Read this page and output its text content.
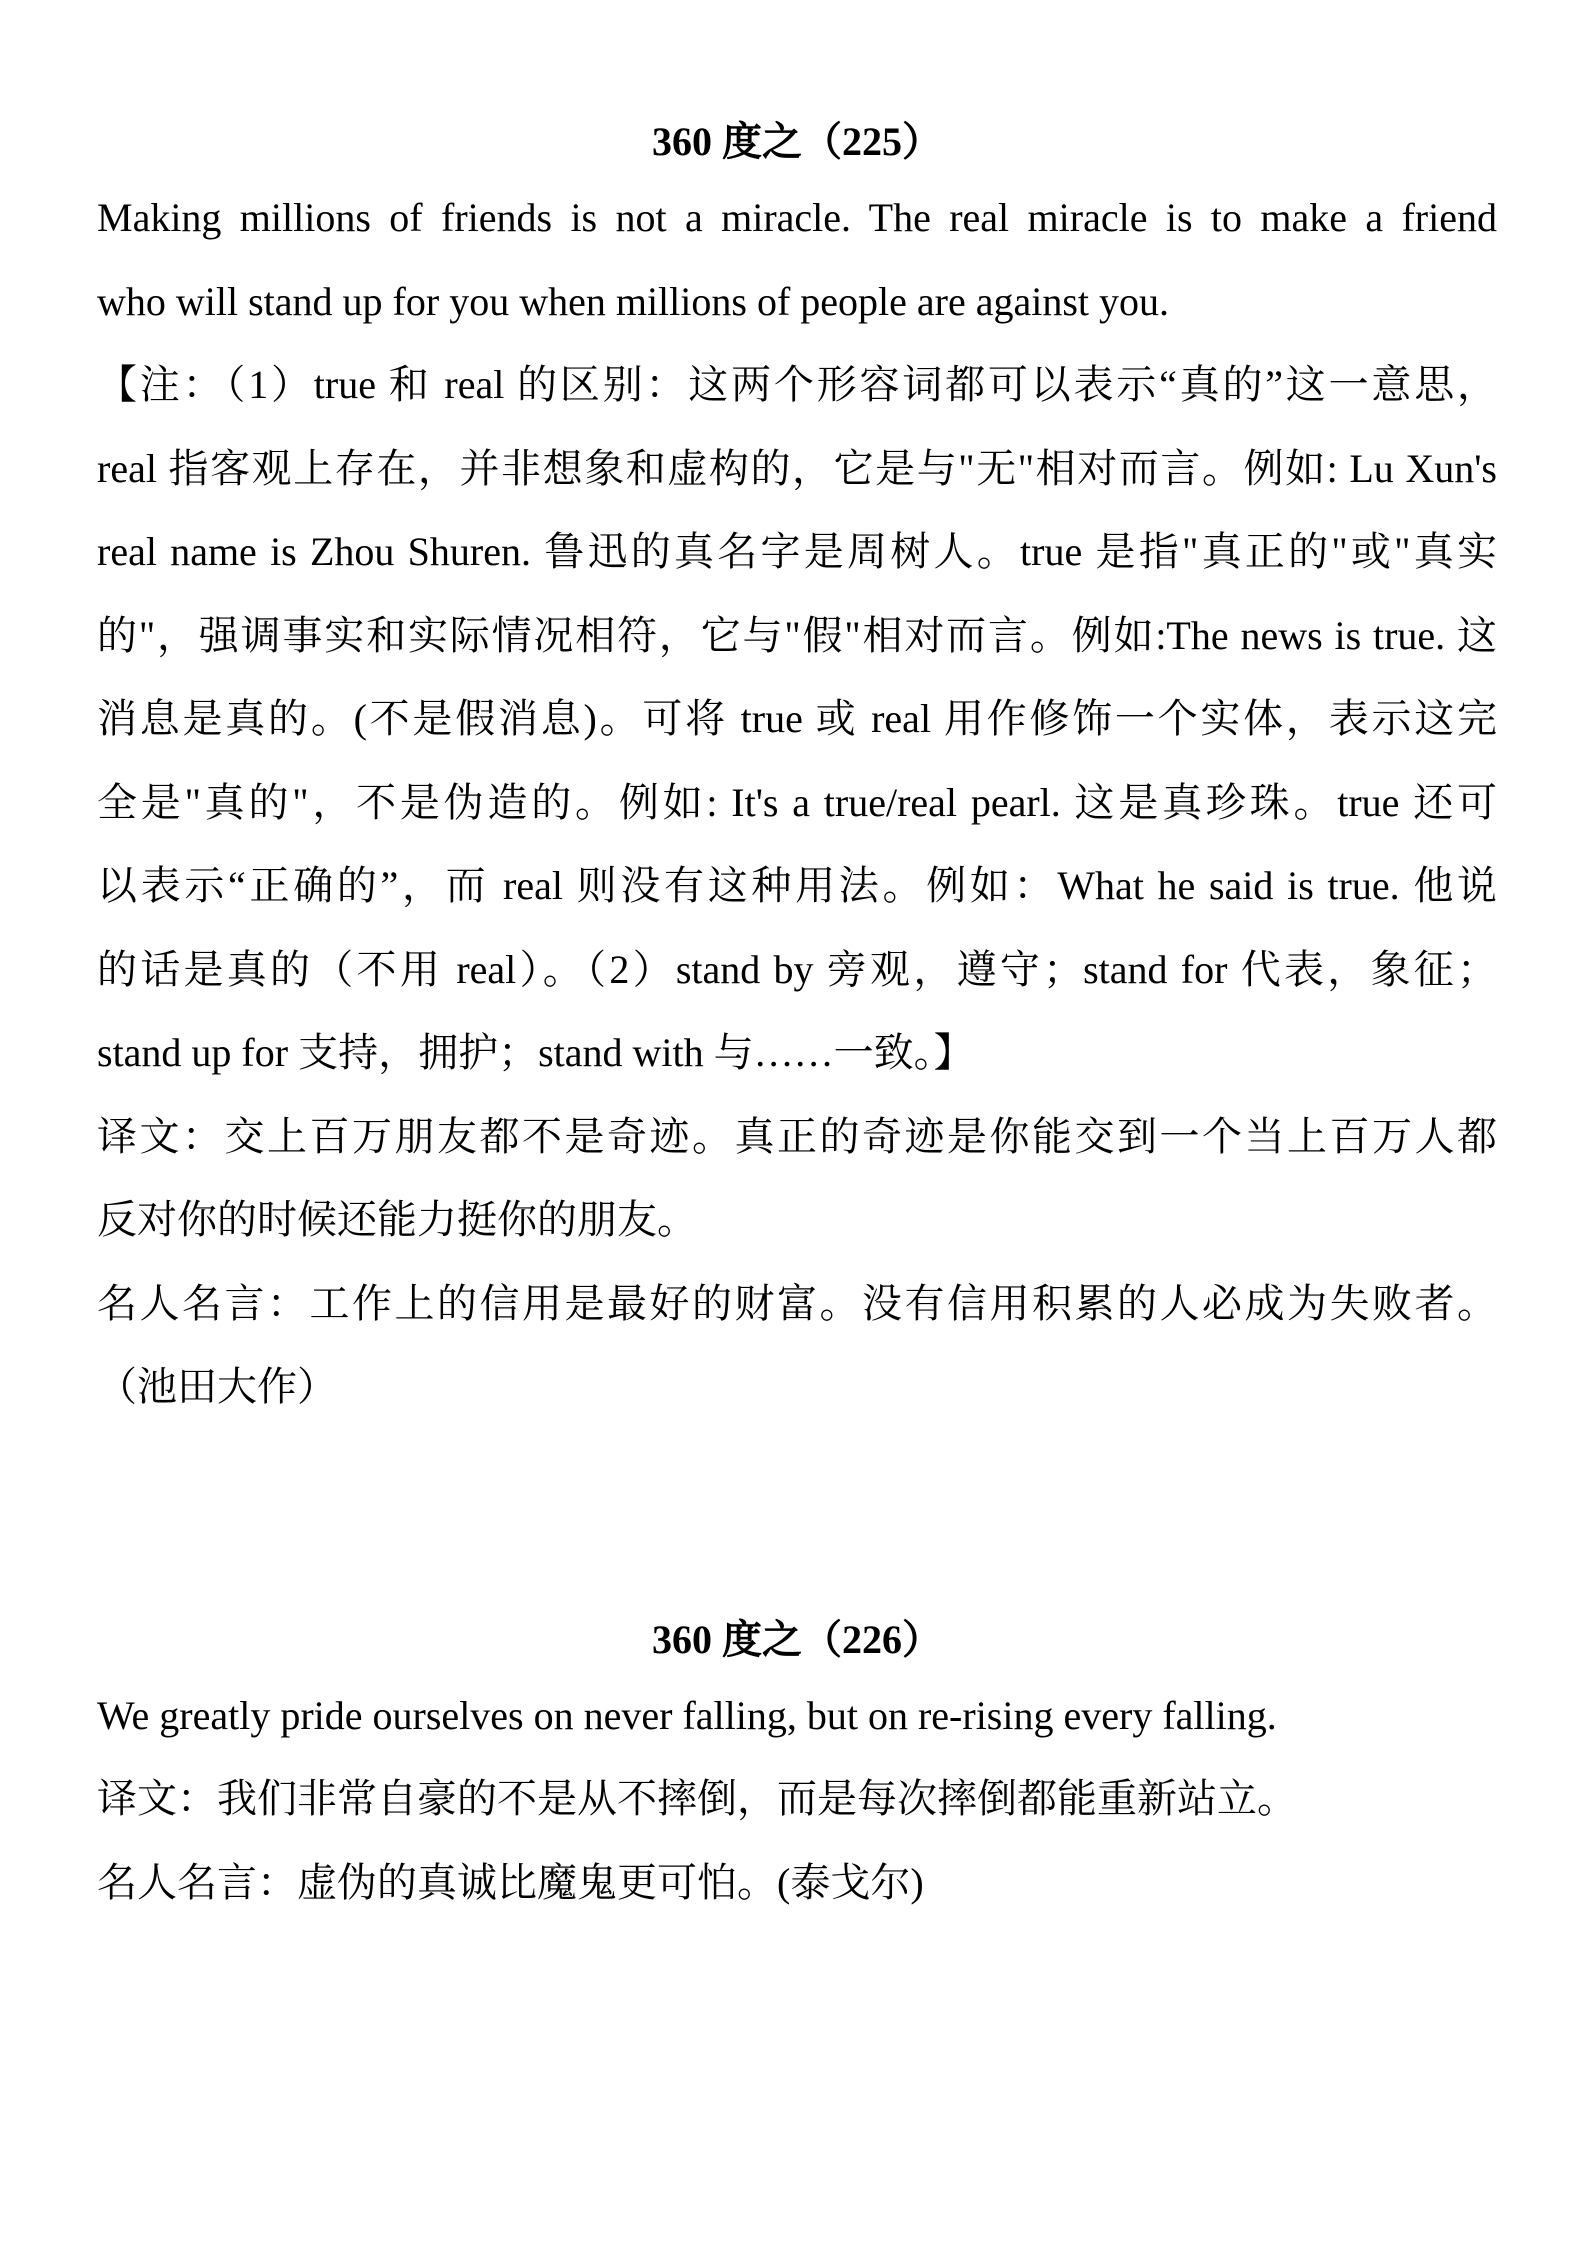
360 度之（225）

Making millions of friends is not a miracle. The real miracle is to make a friend

who will stand up for you when millions of people are against you.

【注：（1）true 和 real 的区别：这两个形容词都可以表示“真的”这一意思，

real 指客观上存在，并非想象和虚构的，它是与"无"相对而言。例如: Lu Xun's

real name is Zhou Shuren. 鲁迅的真名字是周树人。true 是指"真正的"或"真实

的"，强调事实和实际情况相符，它与"假"相对而言。例如:The news is true. 这

消息是真的。(不是假消息)。可将 true 或 real 用作修饰一个实体，表示这完

全是"真的"，不是伪造的。例如: It's a true/real pearl. 这是真珍珠。true 还可

以表示“正确的”，而 real 则没有这种用法。例如：What he said is true. 他说

的话是真的（不用 real）。（2）stand by 旁观，遵守；stand for 代表，象征；

stand up for 支持，拥护；stand with 与……一致。】

译文：交上百万朋友都不是奇迹。真正的奇迹是你能交到一个当上百万人都

反对你的时候还能力挺你的朋友。

名人名言：工作上的信用是最好的财富。没有信用积累的人必成为失败者。

（池田大作）

360 度之（226）

We greatly pride ourselves on never falling, but on re-rising every falling.

译文：我们非常自豪的不是从不摔倒，而是每次摔倒都能重新站立。

名人名言：虚伪的真诚比魔鬼更可怕。(泰戈尔)
